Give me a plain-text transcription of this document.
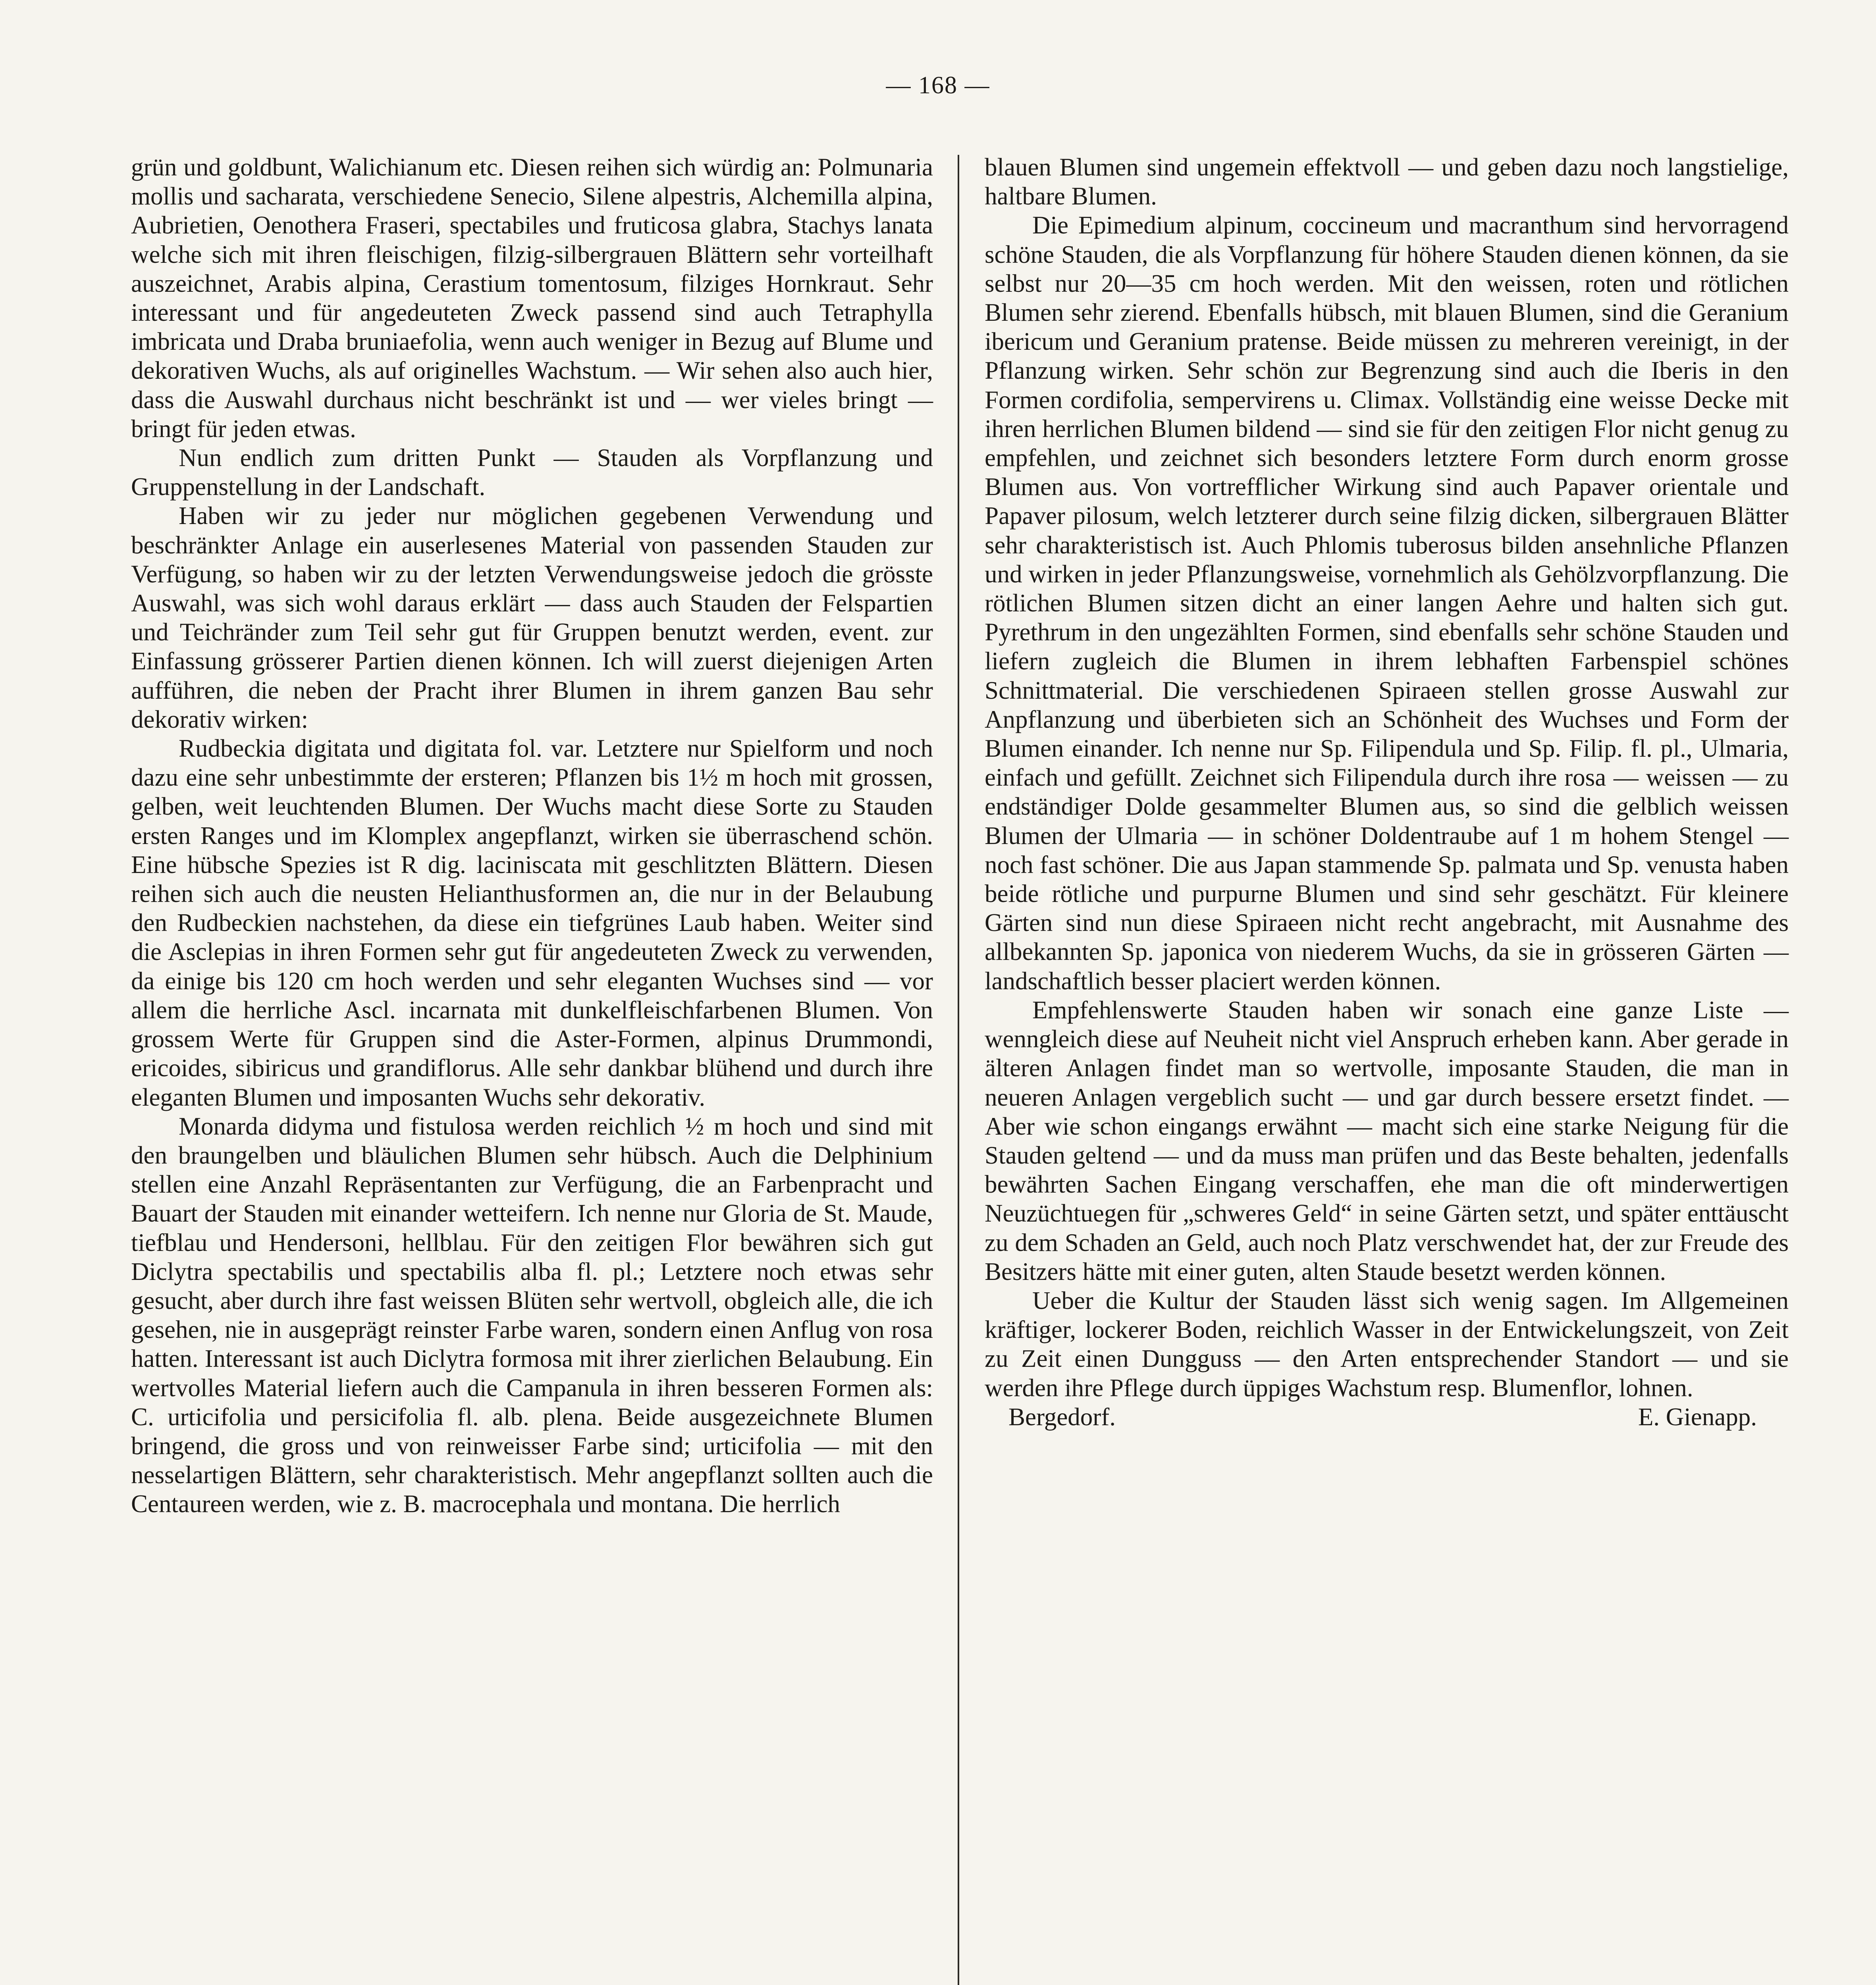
— 168 —

grün und goldbunt, Walichianum etc. Diesen reihen sich würdig an: Polmunaria mollis und sacharata, verschiedene Senecio, Silene alpestris, Alchemilla alpina, Aubrietien, Oenothera Fraseri, spectabiles und fruticosa glabra, Stachys lanata welche sich mit ihren fleischigen, filzig-silbergrauen Blättern sehr vorteilhaft auszeichnet, Arabis alpina, Cerastium tomentosum, filziges Hornkraut. Sehr interessant und für angedeuteten Zweck passend sind auch Tetraphylla imbricata und Draba bruniaefolia, wenn auch weniger in Bezug auf Blume und dekorativen Wuchs, als auf originelles Wachstum. — Wir sehen also auch hier, dass die Auswahl durchaus nicht beschränkt ist und — wer vieles bringt — bringt für jeden etwas.

Nun endlich zum dritten Punkt — Stauden als Vorpflanzung und Gruppenstellung in der Landschaft.

Haben wir zu jeder nur möglichen gegebenen Verwendung und beschränkter Anlage ein auserlesenes Material von passenden Stauden zur Verfügung, so haben wir zu der letzten Verwendungsweise jedoch die grösste Auswahl, was sich wohl daraus erklärt — dass auch Stauden der Felspartien und Teichränder zum Teil sehr gut für Gruppen benutzt werden, event. zur Einfassung grösserer Partien dienen können. Ich will zuerst diejenigen Arten aufführen, die neben der Pracht ihrer Blumen in ihrem ganzen Bau sehr dekorativ wirken:

Rudbeckia digitata und digitata fol. var. Letztere nur Spielform und noch dazu eine sehr unbestimmte der ersteren; Pflanzen bis 1½ m hoch mit grossen, gelben, weit leuchtenden Blumen. Der Wuchs macht diese Sorte zu Stauden ersten Ranges und im Klomplex angepflanzt, wirken sie überraschend schön. Eine hübsche Spezies ist R dig. laciniscata mit geschlitzten Blättern. Diesen reihen sich auch die neusten Helianthusformen an, die nur in der Belaubung den Rudbeckien nachstehen, da diese ein tiefgrünes Laub haben. Weiter sind die Asclepias in ihren Formen sehr gut für angedeuteten Zweck zu verwenden, da einige bis 120 cm hoch werden und sehr eleganten Wuchses sind — vor allem die herrliche Ascl. incarnata mit dunkelfleischfarbenen Blumen. Von grossem Werte für Gruppen sind die Aster-Formen, alpinus Drummondi, ericoides, sibiricus und grandiflorus. Alle sehr dankbar blühend und durch ihre eleganten Blumen und imposanten Wuchs sehr dekorativ.

Monarda didyma und fistulosa werden reichlich ½ m hoch und sind mit den braungelben und bläulichen Blumen sehr hübsch. Auch die Delphinium stellen eine Anzahl Repräsentanten zur Verfügung, die an Farbenpracht und Bauart der Stauden mit einander wetteifern. Ich nenne nur Gloria de St. Maude, tiefblau und Hendersoni, hellblau. Für den zeitigen Flor bewähren sich gut Diclytra spectabilis und spectabilis alba fl. pl.; Letztere noch etwas sehr gesucht, aber durch ihre fast weissen Blüten sehr wertvoll, obgleich alle, die ich gesehen, nie in ausgeprägt reinster Farbe waren, sondern einen Anflug von rosa hatten. Interessant ist auch Diclytra formosa mit ihrer zierlichen Belaubung. Ein wertvolles Material liefern auch die Campanula in ihren besseren Formen als: C. urticifolia und persicifolia fl. alb. plena. Beide ausgezeichnete Blumen bringend, die gross und von reinweisser Farbe sind; urticifolia — mit den nesselartigen Blättern, sehr charakteristisch. Mehr angepflanzt sollten auch die Centaureen werden, wie z. B. macrocephala und montana. Die herrlich

blauen Blumen sind ungemein effektvoll — und geben dazu noch langstielige, haltbare Blumen.

Die Epimedium alpinum, coccineum und macranthum sind hervorragend schöne Stauden, die als Vorpflanzung für höhere Stauden dienen können, da sie selbst nur 20—35 cm hoch werden. Mit den weissen, roten und rötlichen Blumen sehr zierend. Ebenfalls hübsch, mit blauen Blumen, sind die Geranium ibericum und Geranium pratense. Beide müssen zu mehreren vereinigt, in der Pflanzung wirken. Sehr schön zur Begrenzung sind auch die Iberis in den Formen cordifolia, sempervirens u. Climax. Vollständig eine weisse Decke mit ihren herrlichen Blumen bildend — sind sie für den zeitigen Flor nicht genug zu empfehlen, und zeichnet sich besonders letztere Form durch enorm grosse Blumen aus. Von vortrefflicher Wirkung sind auch Papaver orientale und Papaver pilosum, welch letzterer durch seine filzig dicken, silbergrauen Blätter sehr charakteristisch ist. Auch Phlomis tuberosus bilden ansehnliche Pflanzen und wirken in jeder Pflanzungsweise, vornehmlich als Gehölzvorpflanzung. Die rötlichen Blumen sitzen dicht an einer langen Aehre und halten sich gut. Pyrethrum in den ungezählten Formen, sind ebenfalls sehr schöne Stauden und liefern zugleich die Blumen in ihrem lebhaften Farbenspiel schönes Schnittmaterial. Die verschiedenen Spiraeen stellen grosse Auswahl zur Anpflanzung und überbieten sich an Schönheit des Wuchses und Form der Blumen einander. Ich nenne nur Sp. Filipendula und Sp. Filip. fl. pl., Ulmaria, einfach und gefüllt. Zeichnet sich Filipendula durch ihre rosa — weissen — zu endständiger Dolde gesammelter Blumen aus, so sind die gelblich weissen Blumen der Ulmaria — in schöner Doldentraube auf 1 m hohem Stengel — noch fast schöner. Die aus Japan stammende Sp. palmata und Sp. venusta haben beide rötliche und purpurne Blumen und sind sehr geschätzt. Für kleinere Gärten sind nun diese Spiraeen nicht recht angebracht, mit Ausnahme des allbekannten Sp. japonica von niederem Wuchs, da sie in grösseren Gärten — landschaftlich besser placiert werden können.

Empfehlenswerte Stauden haben wir sonach eine ganze Liste — wenngleich diese auf Neuheit nicht viel Anspruch erheben kann. Aber gerade in älteren Anlagen findet man so wertvolle, imposante Stauden, die man in neueren Anlagen vergeblich sucht — und gar durch bessere ersetzt findet. — Aber wie schon eingangs erwähnt — macht sich eine starke Neigung für die Stauden geltend — und da muss man prüfen und das Beste behalten, jedenfalls bewährten Sachen Eingang verschaffen, ehe man die oft minderwertigen Neuzüchtuegen für „schweres Geld“ in seine Gärten setzt, und später enttäuscht zu dem Schaden an Geld, auch noch Platz verschwendet hat, der zur Freude des Besitzers hätte mit einer guten, alten Staude besetzt werden können.

Ueber die Kultur der Stauden lässt sich wenig sagen. Im Allgemeinen kräftiger, lockerer Boden, reichlich Wasser in der Entwickelungszeit, von Zeit zu Zeit einen Dungguss — den Arten entsprechender Standort — und sie werden ihre Pflege durch üppiges Wachstum resp. Blumenflor, lohnen.

Bergedorf.	E. Gienapp.
